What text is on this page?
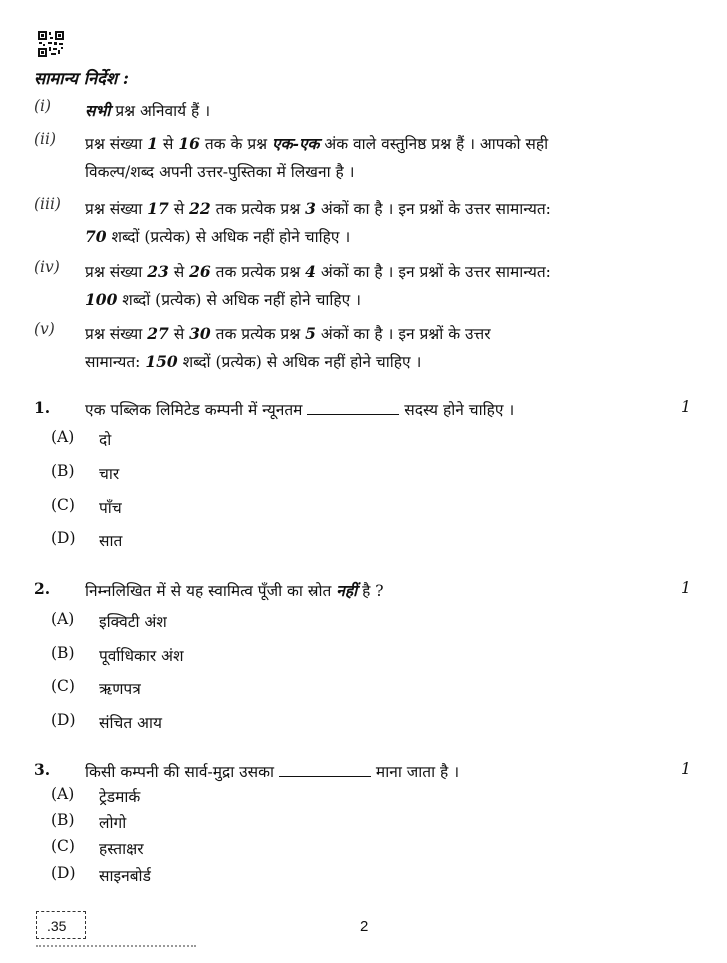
सामान्य निर्देश :
(i) सभी प्रश्न अनिवार्य हैं ।
(ii) प्रश्न संख्या 1 से 16 तक के प्रश्न एक-एक अंक वाले वस्तुनिष्ठ प्रश्न हैं । आपको सही
विकल्प/शब्द अपनी उत्तर-पुस्तिका में लिखना है ।
(iii) प्रश्न संख्या 17 से 22 तक प्रत्येक प्रश्न 3 अंकों का है । इन प्रश्नों के उत्तर सामान्यत:
70 शब्दों (प्रत्येक) से अधिक नहीं होने चाहिए ।
(iv) प्रश्न संख्या 23 से 26 तक प्रत्येक प्रश्न 4 अंकों का है । इन प्रश्नों के उत्तर सामान्यत:
100 शब्दों (प्रत्येक) से अधिक नहीं होने चाहिए ।
(v) प्रश्न संख्या 27 से 30 तक प्रत्येक प्रश्न 5 अंकों का है । इन प्रश्नों के उत्तर
सामान्यत: 150 शब्दों (प्रत्येक) से अधिक नहीं होने चाहिए ।
1. एक पब्लिक लिमिटेड कम्पनी में न्यूनतम	सदस्य होने चाहिए ।	1
(A) दो
(B) चार
(C) पाँच
(D) सात
2. निम्नलिखित में से यह स्वामित्व पूँजी का स्रोत नहीं है ?	1
(A) इक्विटी अंश
(B) पूर्वाधिकार अंश
(C) ऋणपत्र
(D) संचित आय
3. किसी कम्पनी की सार्व-मुद्रा उसका	माना जाता है ।	1
(A) ट्रेडमार्क
(B) लोगो
(C) हस्ताक्षर
(D) साइनबोर्ड
.35	2
